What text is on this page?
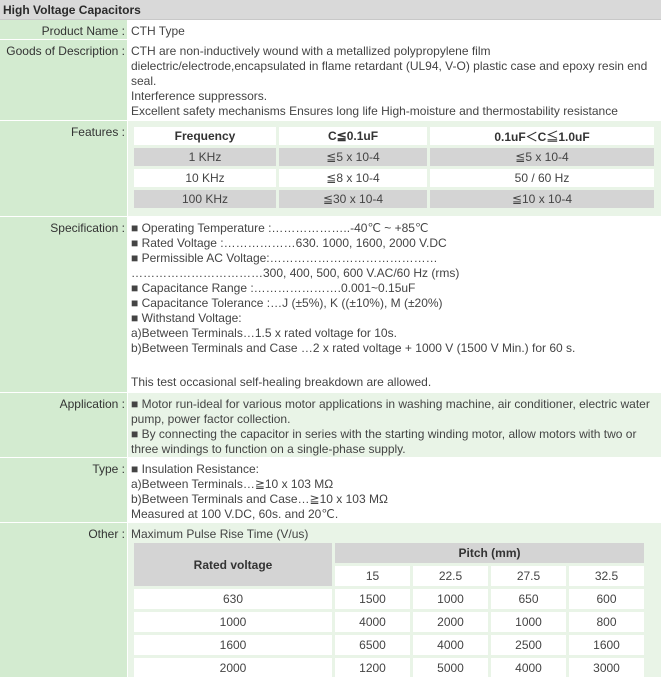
High Voltage Capacitors
Product Name : CTH Type
Goods of Description : CTH are non-inductively wound with a metallized polypropylene film dielectric/electrode,encapsulated in flame retardant (UL94, V-O) plastic case and epoxy resin end seal.
Interference suppressors.
Excellent safety mechanisms Ensures long life High-moisture and thermostability resistance
Features :	Frequency	C≦0.1uF	0.1uF＜C≦1.0uF
1 KHz	≦5 x 10-4	≦5 x 10-4
10 KHz	≦8 x 10-4	50 / 60 Hz
100 KHz	≦30 x 10-4	≦10 x 10-4
Specification : ■ Operating Temperature :………………..-40℃ ~ +85℃
■ Rated Voltage :………………630. 1000, 1600, 2000 V.DC
■ Permissible AC Voltage:……………………………………
……………………………300, 400, 500, 600 V.AC/60 Hz (rms)
■ Capacitance Range :………………….0.001~0.15uF
■ Capacitance Tolerance :…J (±5%), K ((±10%), M (±20%)
■ Withstand Voltage:
a)Between Terminals…1.5 x rated voltage for 10s.
b)Between Terminals and Case …2 x rated voltage + 1000 V (1500 V Min.) for 60 s.
This test occasional self-healing breakdown are allowed.
Application : ■ Motor run-ideal for various motor applications in washing machine, air conditioner, electric water pump, power factor collection.
■ By connecting the capacitor in series with the starting winding motor, allow motors with two or three windings to function on a single-phase supply.
Type : ■ Insulation Resistance:
a)Between Terminals…≧10 x 103 MΩ
b)Between Terminals and Case…≧10 x 103 MΩ
Measured at 100 V.DC, 60s. and 20℃.
Other : Maximum Pulse Rise Time (V/us)
Rated voltage	Pitch (mm)			
	15	22.5	27.5	32.5
630	1500	1000	650	600
1000	4000	2000	1000	800
1600	6500	4000	2500	1600
2000	1200	5000	4000	3000
